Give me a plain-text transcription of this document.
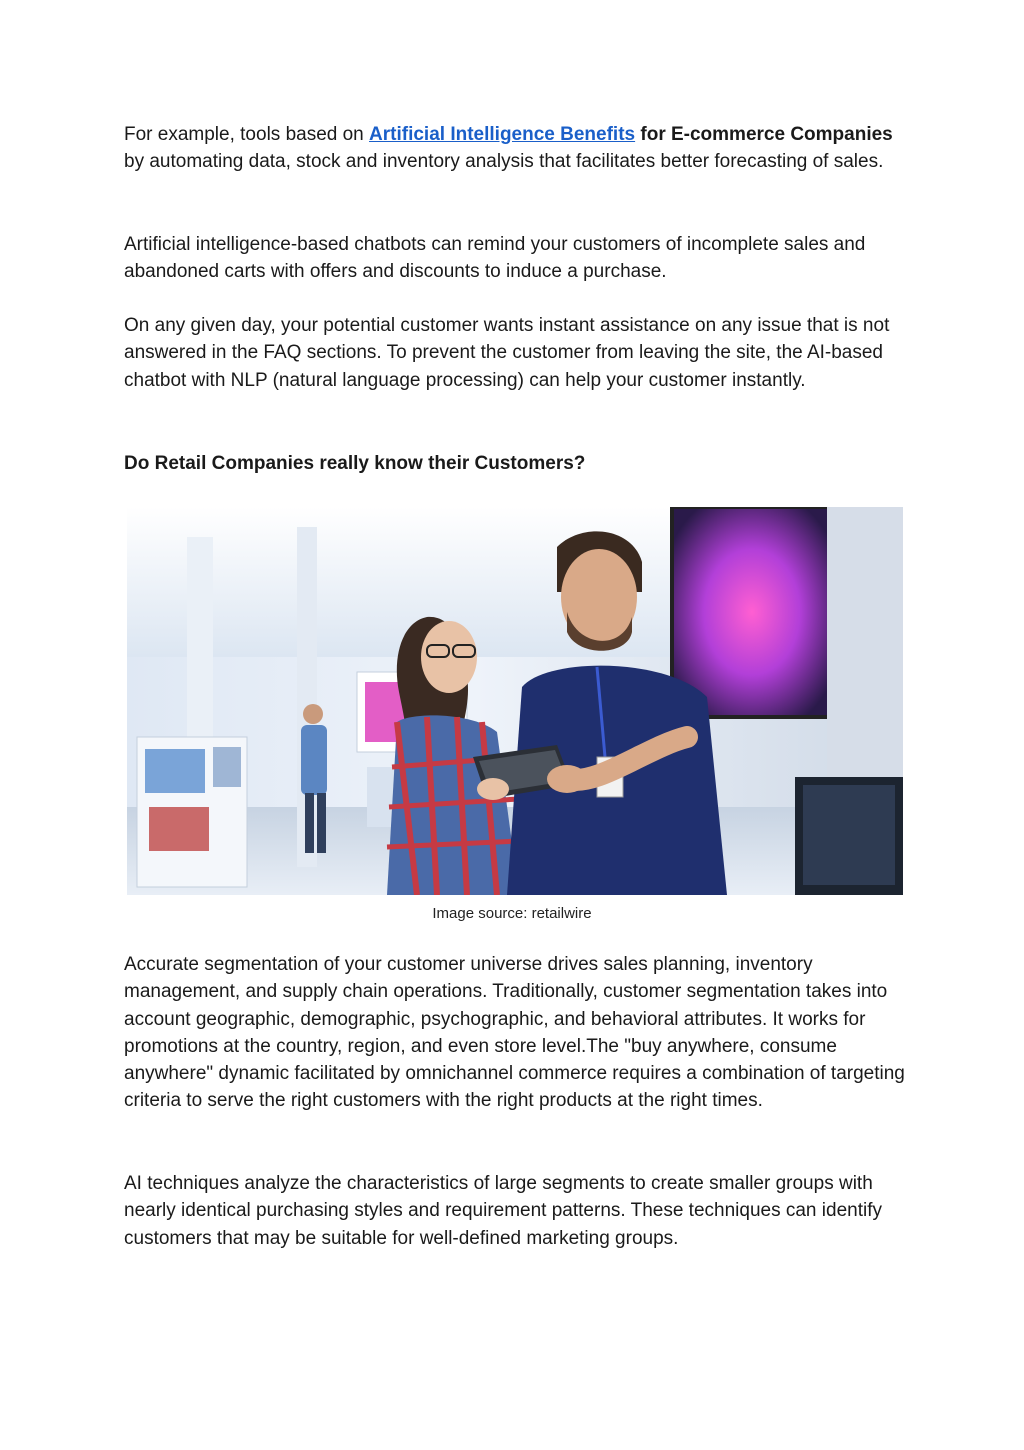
For example, tools based on Artificial Intelligence Benefits for E-commerce Companies by automating data, stock and inventory analysis that facilitates better forecasting of sales.

Artificial intelligence-based chatbots can remind your customers of incomplete sales and abandoned carts with offers and discounts to induce a purchase.

On any given day, your potential customer wants instant assistance on any issue that is not answered in the FAQ sections. To prevent the customer from leaving the site, the AI-based chatbot with NLP (natural language processing) can help your customer instantly.

Do Retail Companies really know their Customers?

Image source: retailwire

Accurate segmentation of your customer universe drives sales planning, inventory management, and supply chain operations. Traditionally, customer segmentation takes into account geographic, demographic, psychographic, and behavioral attributes. It works for promotions at the country, region, and even store level.The "buy anywhere, consume anywhere" dynamic facilitated by omnichannel commerce requires a combination of targeting criteria to serve the right customers with the right products at the right times.

AI techniques analyze the characteristics of large segments to create smaller groups with nearly identical purchasing styles and requirement patterns. These techniques can identify customers that may be suitable for well-defined marketing groups.
